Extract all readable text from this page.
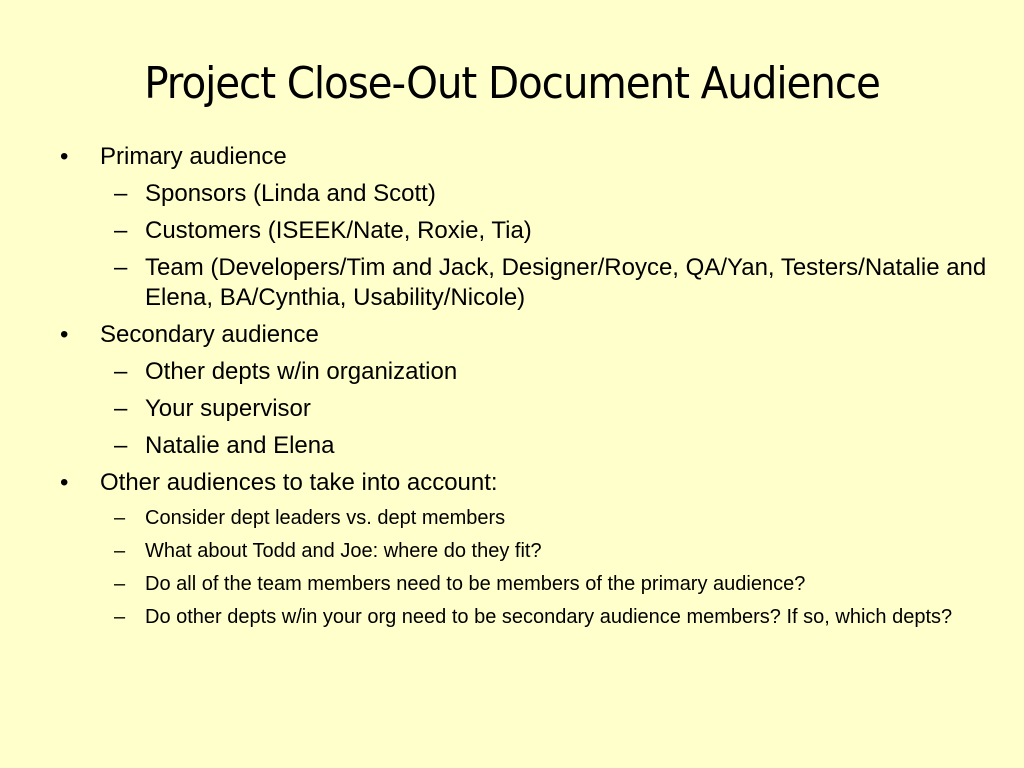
Project Close-Out Document Audience
•	Primary audience
– Sponsors (Linda and Scott)
– Customers (ISEEK/Nate, Roxie, Tia)
– Team (Developers/Tim and Jack, Designer/Royce, QA/Yan, Testers/Natalie and Elena, BA/Cynthia, Usability/Nicole)
•	Secondary audience
– Other depts w/in organization
– Your supervisor
– Natalie and Elena
•	Other audiences to take into account:
– Consider dept leaders vs. dept members
– What about Todd and Joe: where do they fit?
– Do all of the team members need to be members of the primary audience?
– Do other depts w/in your org need to be secondary audience members? If so, which depts?
